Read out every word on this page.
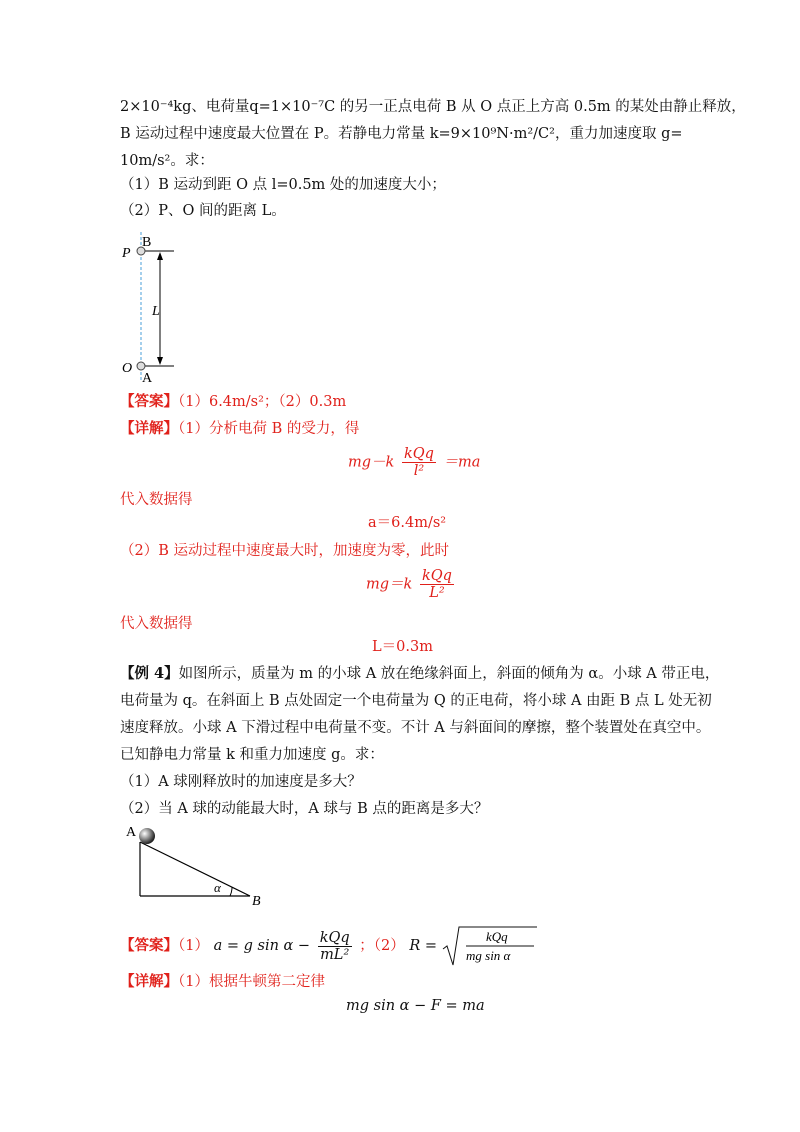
2×10⁻⁴kg、电荷量q=1×10⁻⁷C 的另一正点电荷 B 从 O 点正上方高 0.5m 的某处由静止释放，
B 运动过程中速度最大位置在 P。若静电力常量 k=9×10⁹N·m²/C²，重力加速度取 g=
10m/s²。求：
（1）B 运动到距 O 点 l=0.5m 处的加速度大小；
（2）P、O 间的距离 L。
P
B
L
O
A
【答案】（1）6.4m/s²；（2）0.3m
【详解】（1）分析电荷 B 的受力，得
$mg-k \frac{\text{kQq}}{\text{l²}} =ma$
代入数据得
a＝6.4m/s²
（2）B 运动过程中速度最大时，加速度为零，此时
$mg=k \frac{\text{kQq}}{\text{L²}}$
代入数据得
L＝0.3m
【例 4】如图所示，质量为 m 的小球 A 放在绝缘斜面上，斜面的倾角为 α。小球 A 带正电，
电荷量为 q。在斜面上 B 点处固定一个电荷量为 Q 的正电荷，将小球 A 由距 B 点 L 处无初
速度释放。小球 A 下滑过程中电荷量不变。不计 A 与斜面间的摩擦，整个装置处在真空中。
已知静电力常量 k 和重力加速度 g。求：
（1）A 球刚释放时的加速度是多大？
（2）当 A 球的动能最大时，A 球与 B 点的距离是多大？
A
α
B
【答案】（1） a = g $\sin \alpha - \frac{\text{kQq}}{\text{mL²}}$ ；（2） R =
kQq
mg sin α
【详解】（1）根据牛顿第二定律
mg sin α − F = ma
